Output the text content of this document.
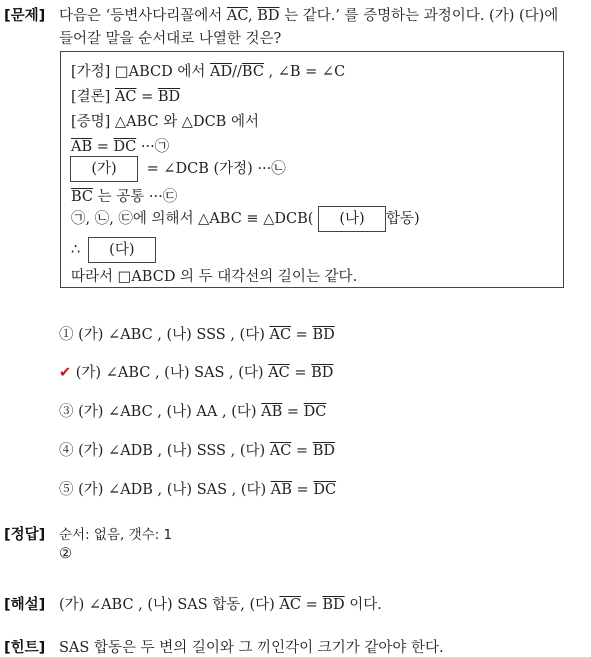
[문제] 다음은 ‘등변사다리꼴에서 $\overline{AC}$, $\overline{BD}$ 는 같다.’ 를 증명하는 과정이다. (가) (다)에
들어갈 말을 순서대로 나열한 것은?
[가정] □ABCD 에서 $\overline{AD}//\overline{BC}$ , ∠B = ∠C
[결론] $\overline{AC} = \overline{BD}$
[증명] △ABC 와 △DCB 에서
$\overline{AB} = \overline{DC}$ ···㉠
(가) = ∠DCB (가정) ···㉡
$\overline{BC}$ 는 공통 ···㉢
㉠, ㉡, ㉢에 의해서 △ABC ≡ △DCB( (나) 합동)
∴ (다)
따라서 □ABCD 의 두 대각선의 길이는 같다.
① (가) ∠ABC , (나) SSS , (다) $\overline{AC} = \overline{BD}$
✔ (가) ∠ABC , (나) SAS , (다) $\overline{AC} = \overline{BD}$
③ (가) ∠ABC , (나) AA , (다) $\overline{AB} = \overline{DC}$
④ (가) ∠ADB , (나) SSS , (다) $\overline{AC} = \overline{BD}$
⑤ (가) ∠ADB , (나) SAS , (다) $\overline{AB} = \overline{DC}$
[정답] 순서: 없음, 갯수: 1
②
[해설] (가) ∠ABC , (나) SAS 합동, (다) $\overline{AC} = \overline{BD}$ 이다.
[힌트] SAS 합동은 두 변의 길이와 그 끼인각이 크기가 같아야 한다.
